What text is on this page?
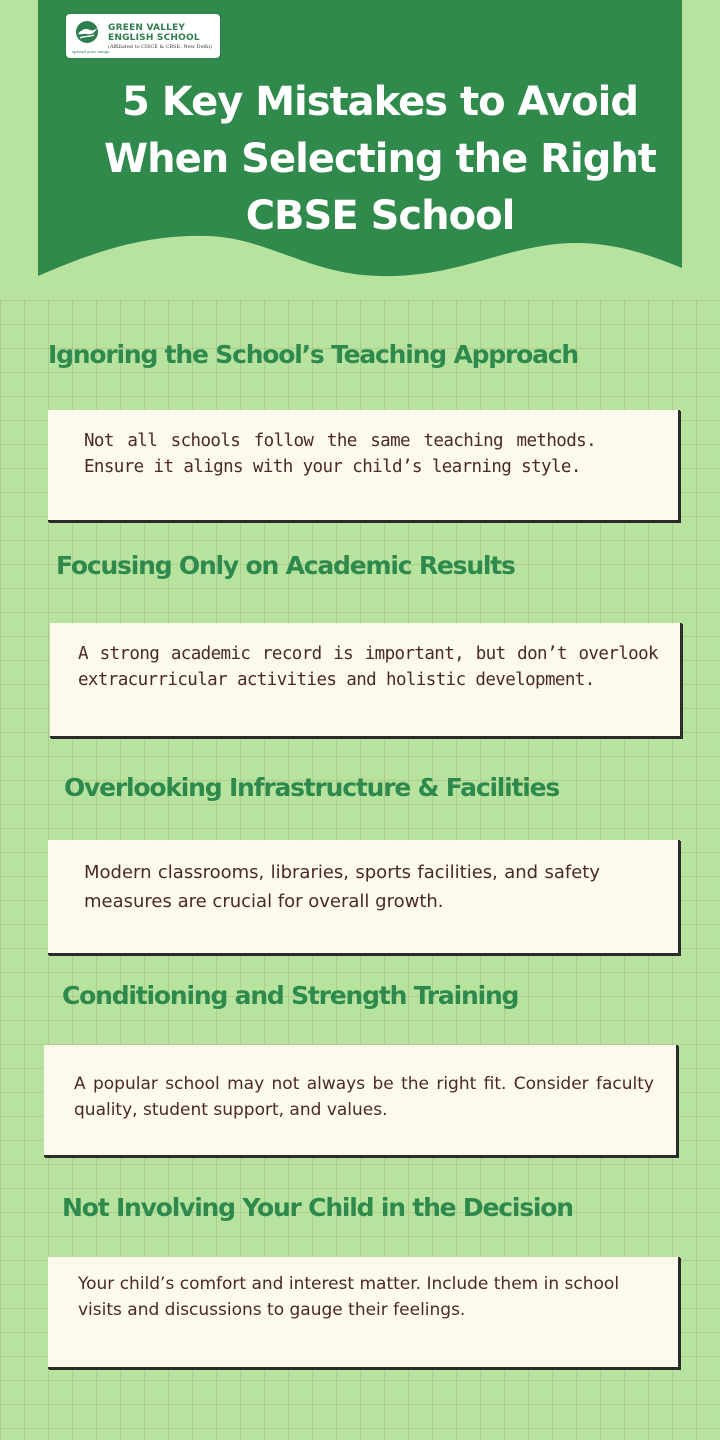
spread your wings
GREEN VALLEY
ENGLISH SCHOOL
(Affiliated to CISCE & CBSE: New Delhi)
5 Key Mistakes to Avoid When Selecting the Right CBSE School
Ignoring the School’s Teaching Approach

Not all schools follow the same teaching methods. Ensure it aligns with your child’s learning style.

Focusing Only on Academic Results

A strong academic record is important, but don’t overlook extracurricular activities and holistic development.

Overlooking Infrastructure & Facilities

Modern classrooms, libraries, sports facilities, and safety measures are crucial for overall growth.

Conditioning and Strength Training

A popular school may not always be the right fit. Consider faculty quality, student support, and values.

Not Involving Your Child in the Decision

Your child’s comfort and interest matter. Include them in school visits and discussions to gauge their feelings.
